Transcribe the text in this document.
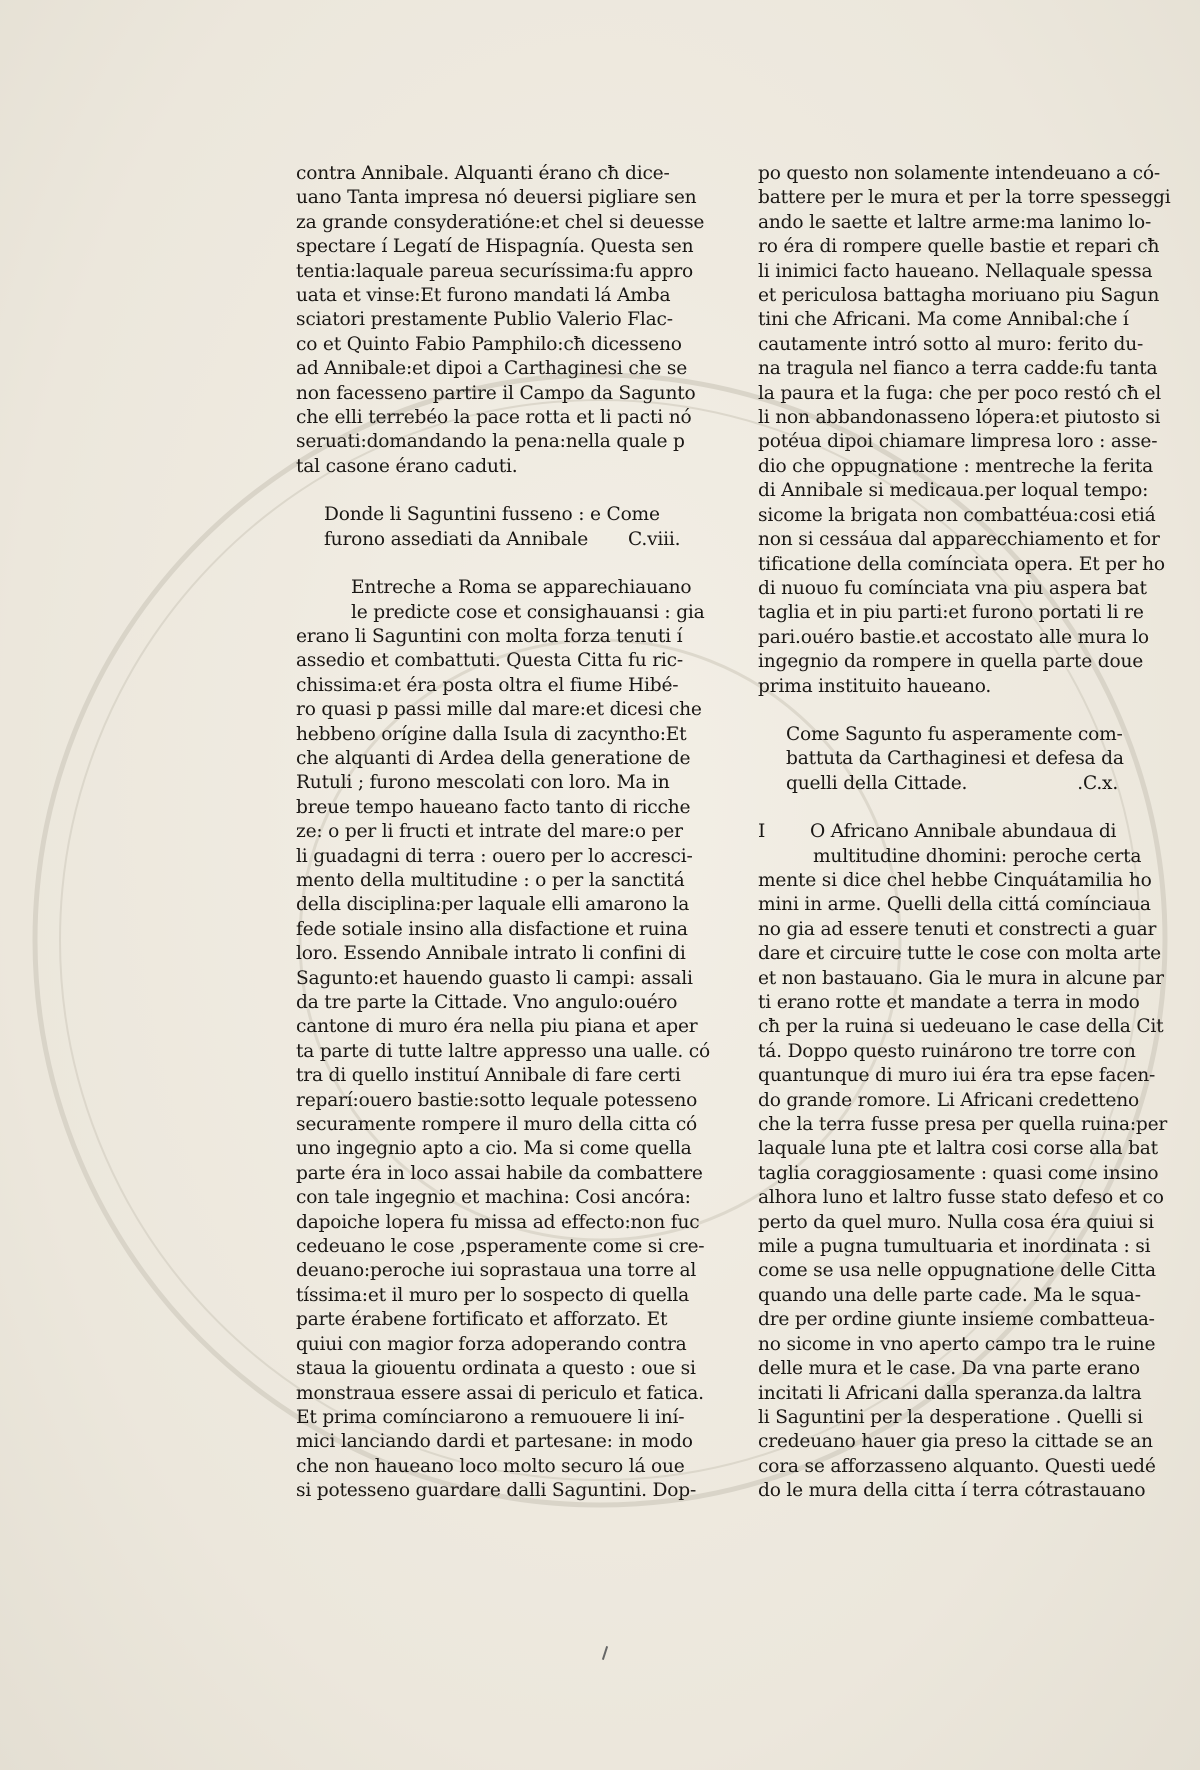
contra Annibale. Alquanti érano cħ dice-
uano Tanta impresa nó deuersi pigliare sen
za grande consyderatióne:et chel si deuesse
spectare í Legatí de Hispagnía. Questa sen
tentia:laquale pareua securíssima:fu appro
uata et vinse:Et furono mandati lá Amba
sciatori prestamente Publio Valerio Flac-
co et Quinto Fabio Pamphilo:cħ dicesseno
ad Annibale:et dipoi a Carthaginesi che se
non facesseno partire il Campo da Sagunto
che elli terrebéo la pace rotta et li pacti nó
seruati:domandando la pena:nella quale p
tal casone érano caduti.
Donde li Saguntini fusseno : e Come
furono assediati da Annibale C.viii.
Entreche a Roma se apparechiauano
le predicte cose et consighauansi : gia
erano li Saguntini con molta forza tenuti í
assedio et combattuti. Questa Citta fu ric-
chissima:et éra posta oltra el fiume Hibé-
ro quasi p passi mille dal mare:et dicesi che
hebbeno orígine dalla Isula di zacyntho:Et
che alquanti di Ardea della generatione de
Rutuli ; furono mescolati con loro. Ma in
breue tempo haueano facto tanto di ricche
ze: o per li fructi et intrate del mare:o per
li guadagni di terra : ouero per lo accresci-
mento della multitudine : o per la sanctitá
della disciplina:per laquale elli amarono la
fede sotiale insino alla disfactione et ruina
loro. Essendo Annibale intrato li confini di
Sagunto:et hauendo guasto li campi: assali
da tre parte la Cittade. Vno angulo:ouéro
cantone di muro éra nella piu piana et aper
ta parte di tutte laltre appresso una ualle. có
tra di quello instituí Annibale di fare certi
reparí:ouero bastie:sotto lequale potesseno
securamente rompere il muro della citta có
uno ingegnio apto a cio. Ma si come quella
parte éra in loco assai habile da combattere
con tale ingegnio et machina: Cosi ancóra:
dapoiche lopera fu missa ad effecto:non fuc
cedeuano le cose ,psperamente come si cre-
deuano:peroche iui soprastaua una torre al
tíssima:et il muro per lo sospecto di quella
parte érabene fortificato et afforzato. Et
quiui con magior forza adoperando contra
staua la giouentu ordinata a questo : oue si
monstraua essere assai di periculo et fatica.
Et prima comínciarono a remuouere li iní-
mici lanciando dardi et partesane: in modo
che non haueano loco molto securo lá oue
si potesseno guardare dalli Saguntini. Dop-
po questo non solamente intendeuano a có-
battere per le mura et per la torre spesseggi
ando le saette et laltre arme:ma lanimo lo-
ro éra di rompere quelle bastie et repari cħ
li inimici facto haueano. Nellaquale spessa
et periculosa battagha moriuano piu Sagun
tini che Africani. Ma come Annibal:che í
cautamente intró sotto al muro: ferito du-
na tragula nel fianco a terra cadde:fu tanta
la paura et la fuga: che per poco restó cħ el
li non abbandonasseno lópera:et piutosto si
potéua dipoi chiamare limpresa loro : asse-
dio che oppugnatione : mentreche la ferita
di Annibale si medicaua.per loqual tempo:
sicome la brigata non combattéua:cosi etiá
non si cessáua dal apparecchiamento et for
tificatione della comínciata opera. Et per ho
di nuouo fu comínciata vna piu aspera bat
taglia et in piu parti:et furono portati li re
pari.ouéro bastie.et accostato alle mura lo
ingegnio da rompere in quella parte doue
prima instituito haueano.
Come Sagunto fu asperamente com-
battuta da Carthaginesi et defesa da
quelli della Cittade.	.C.x.
I O Africano Annibale abundaua di
multitudine dhomini: peroche certa
mente si dice chel hebbe Cinquátamilia ho
mini in arme. Quelli della cittá comínciaua
no gia ad essere tenuti et constrecti a guar
dare et circuire tutte le cose con molta arte
et non bastauano. Gia le mura in alcune par
ti erano rotte et mandate a terra in modo
cħ per la ruina si uedeuano le case della Cit
tá. Doppo questo ruinárono tre torre con
quantunque di muro iui éra tra epse facen-
do grande romore. Li Africani credetteno
che la terra fusse presa per quella ruina:per
laquale luna pte et laltra cosi corse alla bat
taglia coraggiosamente : quasi come insino
alhora luno et laltro fusse stato defeso et co
perto da quel muro. Nulla cosa éra quiui si
mile a pugna tumultuaria et inordinata : si
come se usa nelle oppugnatione delle Citta
quando una delle parte cade. Ma le squa-
dre per ordine giunte insieme combatteua-
no sicome in vno aperto campo tra le ruine
delle mura et le case. Da vna parte erano
incitati li Africani dalla speranza.da laltra
li Saguntini per la desperatione . Quelli si
credeuano hauer gia preso la cittade se an
cora se afforzasseno alquanto. Questi uedé
do le mura della citta í terra cótrastauano
